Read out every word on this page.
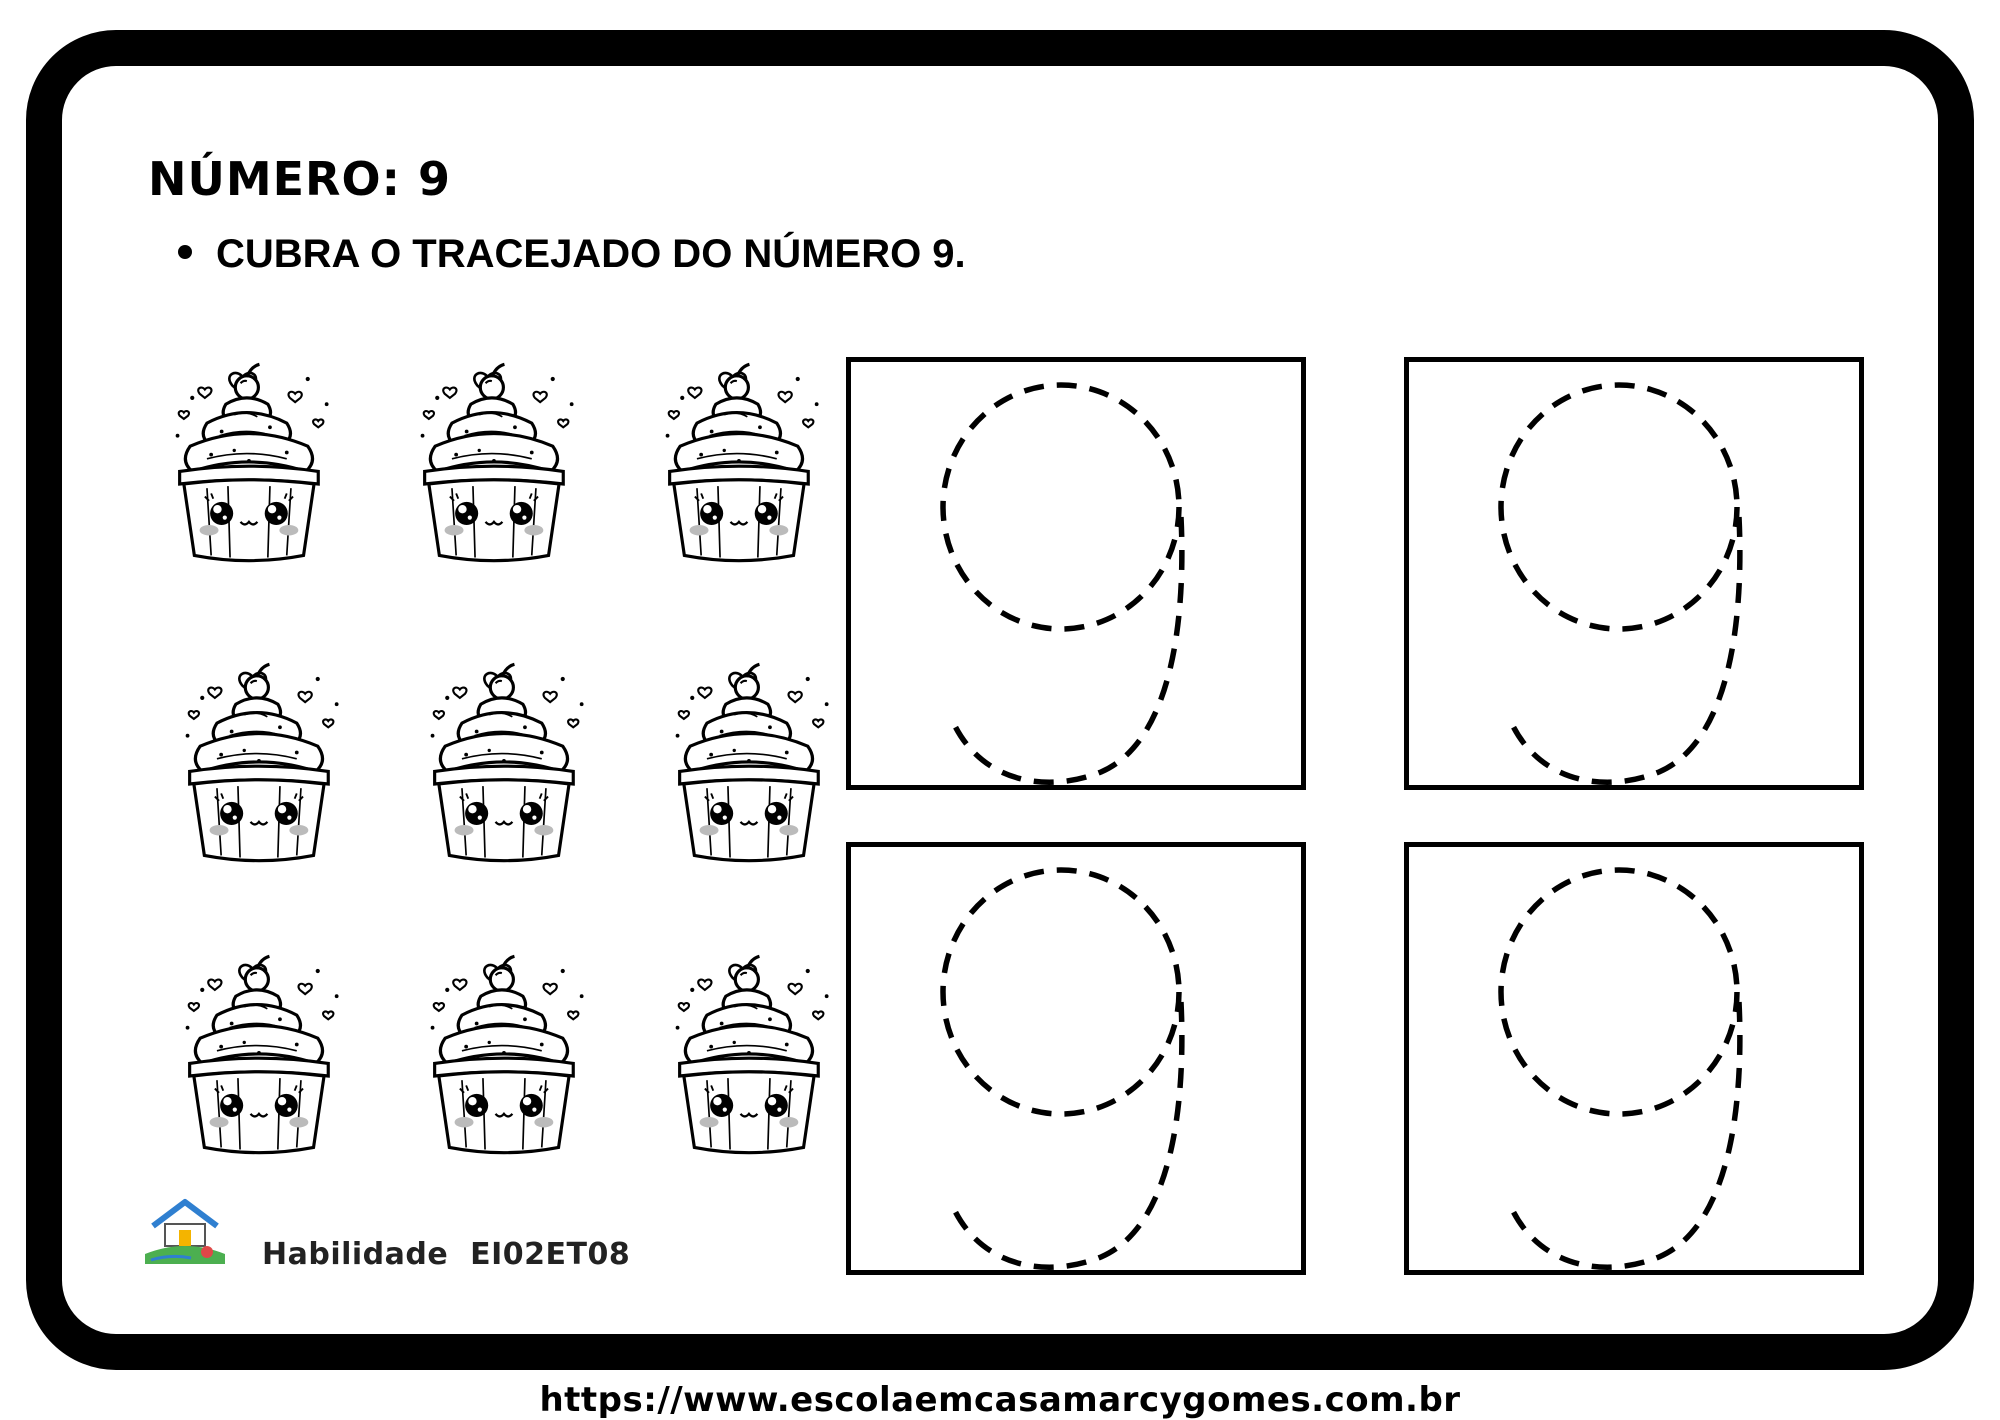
NÚMERO: 9
CUBRA O TRACEJADO DO NÚMERO 9.
Habilidade  EI02ET08
https://www.escolaemcasamarcygomes.com.br
